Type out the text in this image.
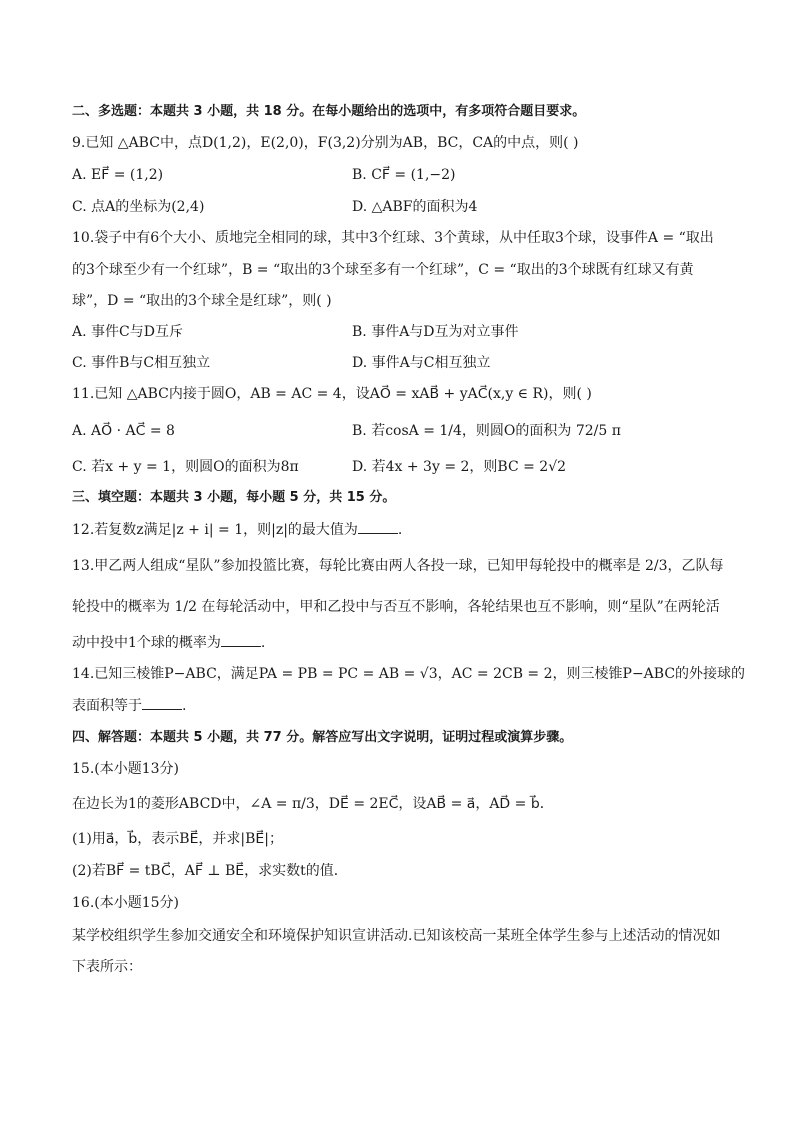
二、多选题：本题共 3 小题，共 18 分。在每小题给出的选项中，有多项符合题目要求。
9.已知 △ABC中，点D(1,2)，E(2,0)，F(3,2)分别为AB，BC，CA的中点，则( )
A. EF⃗ = (1,2)	B. CF⃗ = (1,−2)
C. 点A的坐标为(2,4)	D. △ABF的面积为4
10.袋子中有6个大小、质地完全相同的球，其中3个红球、3个黄球，从中任取3个球，设事件A = “取出
的3个球至少有一个红球”，B = “取出的3个球至多有一个红球”，C = “取出的3个球既有红球又有黄
球”，D = “取出的3个球全是红球”，则( )
A. 事件C与D互斥	B. 事件A与D互为对立事件
C. 事件B与C相互独立	D. 事件A与C相互独立
11.已知 △ABC内接于圆O，AB = AC = 4，设AO⃗ = xAB⃗ + yAC⃗(x,y ∈ R)，则( )
A. AO⃗ · AC⃗ = 8	B. 若cosA = 1/4，则圆O的面积为 72/5 π
C. 若x + y = 1，则圆O的面积为8π	D. 若4x + 3y = 2，则BC = 2√2
三、填空题：本题共 3 小题，每小题 5 分，共 15 分。
12.若复数z满足|z + i| = 1，则|z|的最大值为	.
13.甲乙两人组成“星队”参加投篮比赛，每轮比赛由两人各投一球，已知甲每轮投中的概率是 2/3，乙队每
轮投中的概率为 1/2 在每轮活动中，甲和乙投中与否互不影响，各轮结果也互不影响，则“星队”在两轮活
动中投中1个球的概率为	.
14.已知三棱锥P−ABC，满足PA = PB = PC = AB = √3，AC = 2CB = 2，则三棱锥P−ABC的外接球的
表面积等于	.
四、解答题：本题共 5 小题，共 77 分。解答应写出文字说明，证明过程或演算步骤。
15.(本小题13分)
在边长为1的菱形ABCD中，∠A = π/3，DE⃗ = 2EC⃗，设AB⃗ = a⃗，AD⃗ = b⃗．
(1)用a⃗，b⃗，表示BE⃗，并求|BE⃗|；
(2)若BF⃗ = tBC⃗，AF⃗ ⊥ BE⃗，求实数t的值．
16.(本小题15分)
某学校组织学生参加交通安全和环境保护知识宣讲活动.已知该校高一某班全体学生参与上述活动的情况如
下表所示：
